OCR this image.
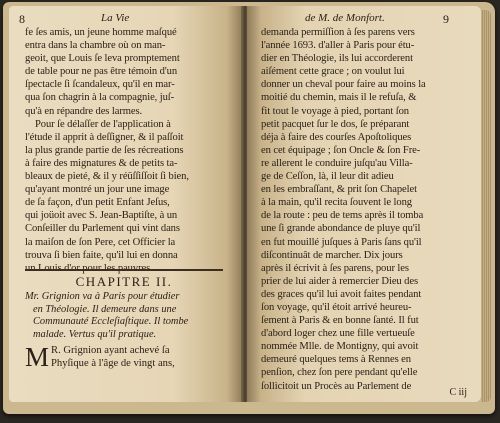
8	La Vie
fe ſes amis, un jeune homme maſqué
entra dans la chambre où on man-
geoit, que Louis ſe leva promptement
de table pour ne pas être témoin d'un
ſpectacle ſi ſcandaleux, qu'il en mar-
qua ſon chagrin à la compagnie, juſ-
qu'à en répandre des larmes.
Pour ſe délaſſer de l'application à
l'étude il apprit à deſſigner, & il paſſoit
la plus grande partie de ſes récreations
à faire des mignatures & de petits ta-
bleaux de pieté, & il y réüſſiſſoit ſi bien,
qu'ayant montré un jour une image
de ſa façon, d'un petit Enfant Jeſus,
qui joüoit avec S. Jean-Baptiſte, à un
Conſeiller du Parlement qui vint dans
la maiſon de ſon Pere, cet Officier la
trouva ſi bien faite, qu'il lui en donna
un Louis d'or pour les pauvres.
CHAPITRE II.
Mr. Grignion va à Paris pour étudier
en Théologie. Il demeure dans une
Communauté Eccleſiaſtique. Il tombe
malade. Vertus qu'il pratique.
M R. Grignion ayant achevé ſa
Phyſique à l'âge de vingt ans,
de M. de Monfort.	9
demanda permiſſion à ſes parens vers
l'année 1693. d'aller à Paris pour étu-
dier en Théologie, ils lui accorderent
aiſément cette grace ; on voulut lui
donner un cheval pour faire au moins la
moitié du chemin, mais il le refuſa, &
fit tout le voyage à pied, portant ſon
petit pacquet ſur le dos, ſe préparant
déja à faire des courſes Apoſtoliques
en cet équipage ; ſon Oncle & ſon Fre-
re allerent le conduire juſqu'au Villa-
ge de Ceſſon, là, il leur dit adieu
en les embraſſant, & prit ſon Chapelet
à la main, qu'il recita ſouvent le long
de la route : peu de tems après il tomba
une ſi grande abondance de pluye qu'il
en fut mouillé juſques à Paris ſans qu'il
diſcontinuât de marcher. Dix jours
après il écrivit à ſes parens, pour les
prier de lui aider à remercier Dieu des
des graces qu'il lui avoit faites pendant
ſon voyage, qu'il étoit arrivé heureu-
ſement à Paris & en bonne ſanté. Il fut
d'abord loger chez une fille vertueuſe
nommée Mlle. de Montigny, qui avoit
demeuré quelques tems à Rennes en
penſion, chez ſon pere pendant qu'elle
ſollicitoit un Procès au Parlement de
C iij
